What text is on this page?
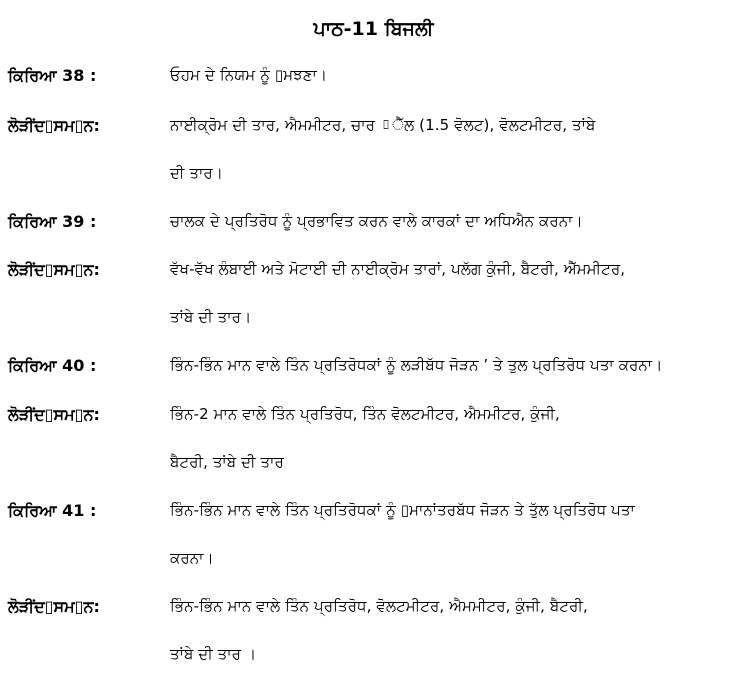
ਪਾਠ-11 ਬਿਜਲੀ
ਕਿਰਿਆ 38 :	ਓਹਮ ਦੇ ਨਿਯਮ ਨੂੰ ▯ਮਝਣਾ।
ਲੋੜੀਂਦ▯ਸਮ▯ਨ:	ਨਾਈਕ੍ਰੋਮ ਦੀ ਤਾਰ, ਐਮਮੀਟਰ, ਚਾਰ ▯ੈੱਲ (1.5 ਵੋਲਟ), ਵੋਲਟਮੀਟਰ, ਤਾਂਬੇ
ਦੀ ਤਾਰ।
ਕਿਰਿਆ 39 :	ਚਾਲਕ ਦੇ ਪ੍ਰਤਿਰੋਧ ਨੂੰ ਪ੍ਰਭਾਵਿਤ ਕਰਨ ਵਾਲੇ ਕਾਰਕਾਂ ਦਾ ਅਧਿਐਨ ਕਰਨਾ।
ਲੋੜੀਂਦ▯ਸਮ▯ਨ:	ਵੱਖ-ਵੱਖ ਲੰਬਾਈ ਅਤੇ ਮੋਟਾਈ ਦੀ ਨਾਈਕ੍ਰੋਮ ਤਾਰਾਂ, ਪਲੱਗ ਕੁੰਜੀ, ਬੈਟਰੀ, ਐੱਮਮੀਟਰ,
ਤਾਂਬੇ ਦੀ ਤਾਰ।
ਕਿਰਿਆ 40 :	ਭਿੰਨ-ਭਿੰਨ ਮਾਨ ਵਾਲੇ ਤਿੰਨ ਪ੍ਰਤਿਰੋਧਕਾਂ ਨੂੰ ਲੜੀਬੱਧ ਜੋੜਨ ’ ਤੇ ਤੁਲ ਪ੍ਰਤਿਰੋਧ ਪਤਾ ਕਰਨਾ।
ਲੋੜੀਂਦ▯ਸਮ▯ਨ:	ਭਿੰਨ-2 ਮਾਨ ਵਾਲੇ ਤਿੰਨ ਪ੍ਰਤਿਰੋਧ, ਤਿੰਨ ਵੋਲਟਮੀਟਰ, ਐਮਮੀਟਰ, ਕੁੰਜੀ,
ਬੈਟਰੀ, ਤਾਂਬੇ ਦੀ ਤਾਰ
ਕਿਰਿਆ 41 :	ਭਿੰਨ-ਭਿੰਨ ਮਾਨ ਵਾਲੇ ਤਿੰਨ ਪ੍ਰਤਿਰੋਧਕਾਂ ਨੂੰ ▯ਮਾਨਾਂਤਰਬੱਧ ਜੋੜਨ ਤੇ ਤੁੱਲ ਪ੍ਰਤਿਰੋਧ ਪਤਾ
ਕਰਨਾ।
ਲੋੜੀਂਦ▯ਸਮ▯ਨ:	ਭਿੰਨ-ਭਿੰਨ ਮਾਨ ਵਾਲੇ ਤਿੰਨ ਪ੍ਰਤਿਰੋਧ, ਵੋਲਟਮੀਟਰ, ਐਮਮੀਟਰ, ਕੁੰਜੀ, ਬੈਟਰੀ,
ਤਾਂਬੇ ਦੀ ਤਾਰ ।
